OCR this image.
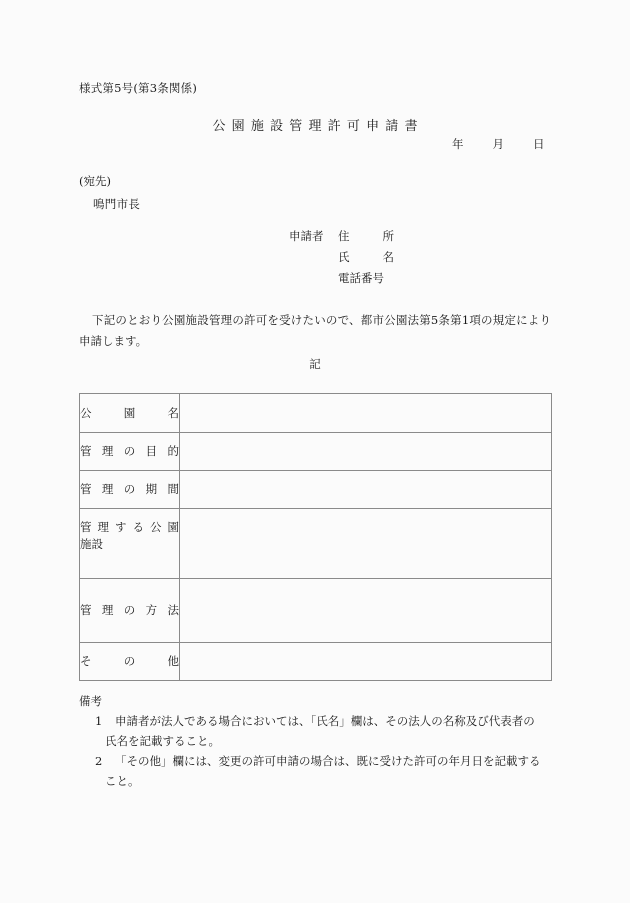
様式第5号(第3条関係)
公園施設管理許可申請書
年	月	日
(宛先)
鳴門市長
申請者	住所
氏名
電話番号
下記のとおり公園施設管理の許可を受けたいので、都市公園法第5条第1項の規定により申請します。
記
公園名	

管理の目的	

管理の期間	

管理する公園
施設	

管理の方法	

その他	

備考
1	申請者が法人である場合においては、「氏名」欄は、その法人の名称及び代表者の
氏名を記載すること。
2	「その他」欄には、変更の許可申請の場合は、既に受けた許可の年月日を記載する
こと。
